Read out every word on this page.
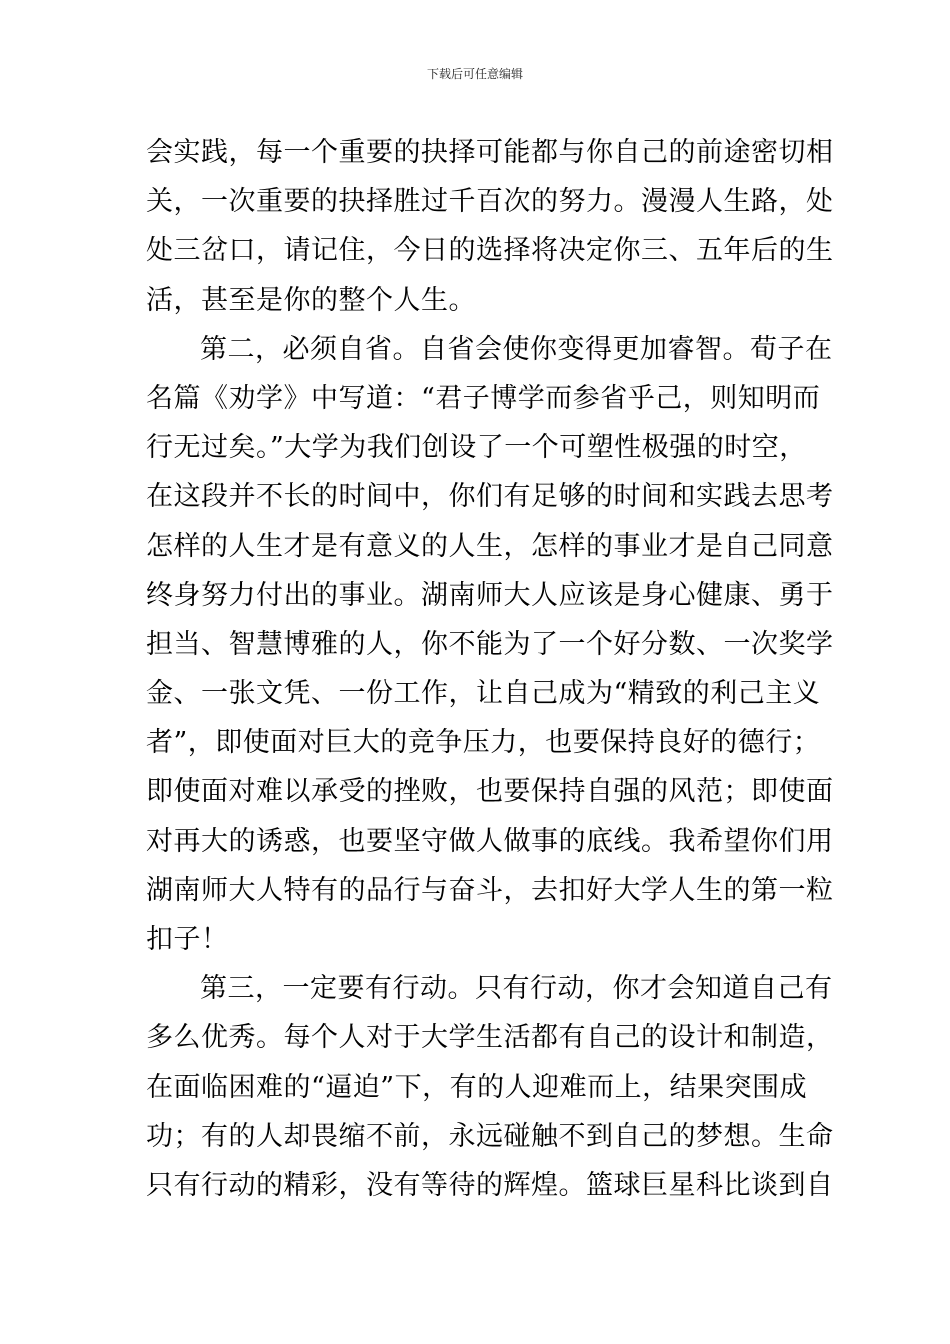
下载后可任意编辑
会实践，每一个重要的抉择可能都与你自己的前途密切相
关，一次重要的抉择胜过千百次的努力。漫漫人生路，处
处三岔口，请记住，今日的选择将决定你三、五年后的生
活，甚至是你的整个人生。
第二，必须自省。自省会使你变得更加睿智。荀子在
名篇《劝学》中写道：“君子博学而参省乎己，则知明而
行无过矣。”大学为我们创设了一个可塑性极强的时空，
在这段并不长的时间中，你们有足够的时间和实践去思考
怎样的人生才是有意义的人生，怎样的事业才是自己同意
终身努力付出的事业。湖南师大人应该是身心健康、勇于
担当、智慧博雅的人，你不能为了一个好分数、一次奖学
金、一张文凭、一份工作，让自己成为“精致的利己主义
者”，即使面对巨大的竞争压力，也要保持良好的德行；
即使面对难以承受的挫败，也要保持自强的风范；即使面
对再大的诱惑，也要坚守做人做事的底线。我希望你们用
湖南师大人特有的品行与奋斗，去扣好大学人生的第一粒
扣子！
第三，一定要有行动。只有行动，你才会知道自己有
多么优秀。每个人对于大学生活都有自己的设计和制造，
在面临困难的“逼迫”下，有的人迎难而上，结果突围成
功；有的人却畏缩不前，永远碰触不到自己的梦想。生命
只有行动的精彩，没有等待的辉煌。篮球巨星科比谈到自
